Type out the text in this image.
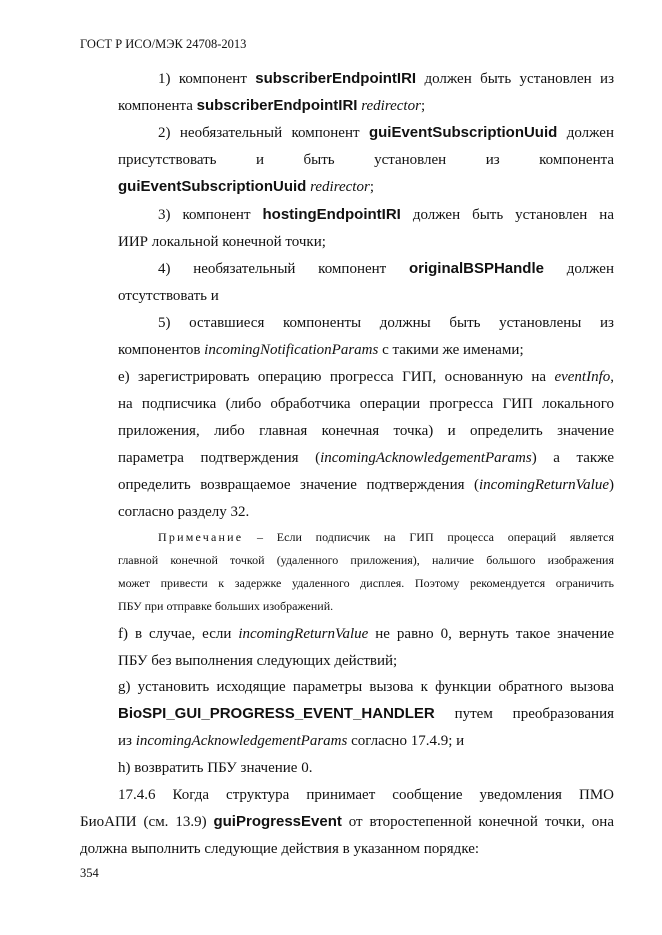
ГОСТ Р ИСО/МЭК 24708-2013
1) компонент subscriberEndpointIRI должен быть установлен из
компонента subscriberEndpointIRI redirector;
2) необязательный компонент guiEventSubscriptionUuid должен
присутствовать и быть установлен из компонента
guiEventSubscriptionUuid redirector;
3) компонент hostingEndpointIRI должен быть установлен на
ИИР локальной конечной точки;
4) необязательный компонент originalBSPHandle должен
отсутствовать и
5) оставшиеся компоненты должны быть установлены из
компонентов incomingNotificationParams с такими же именами;
е) зарегистрировать операцию прогресса ГИП, основанную на eventInfo,
на подписчика (либо обработчика операции прогресса ГИП локального
приложения, либо главная конечная точка) и определить значение
параметра подтверждения (incomingAcknowledgementParams) а также
определить возвращаемое значение подтверждения (incomingReturnValue)
согласно разделу 32.
Примечание – Если подписчик на ГИП процесса операций является
главной конечной точкой (удаленного приложения), наличие большого изображения
может привести к задержке удаленного дисплея. Поэтому рекомендуется ограничить
ПБУ при отправке больших изображений.
f) в случае, если incomingReturnValue не равно 0, вернуть такое значение
ПБУ без выполнения следующих действий;
g) установить исходящие параметры вызова к функции обратного вызова
BioSPI_GUI_PROGRESS_EVENT_HANDLER путем преобразования
из incomingAcknowledgementParams согласно 17.4.9; и
h) возвратить ПБУ значение 0.
17.4.6 Когда структура принимает сообщение уведомления ПМО
БиоАПИ (см. 13.9) guiProgressEvent от второстепенной конечной точки, она
должна выполнить следующие действия в указанном порядке:
354
